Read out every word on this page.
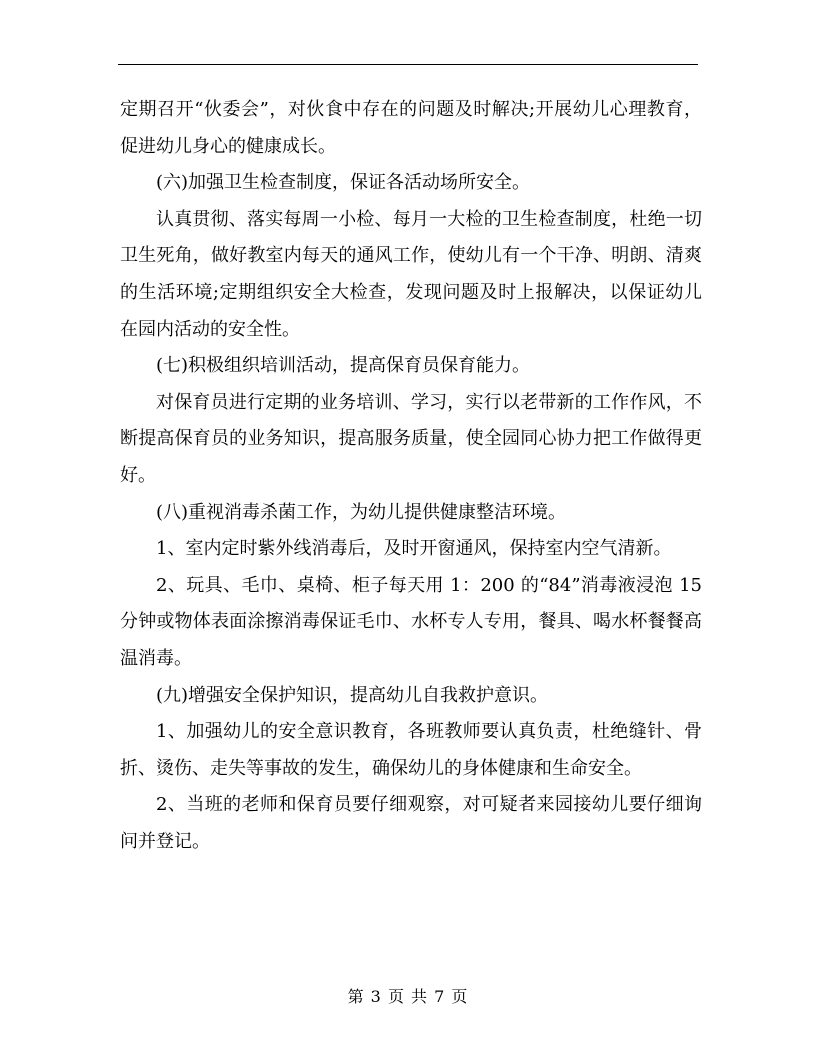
定期召开“伙委会”，对伙食中存在的问题及时解决;开展幼儿心理教育，促进幼儿身心的健康成长。

(六)加强卫生检查制度，保证各活动场所安全。

认真贯彻、落实每周一小检、每月一大检的卫生检查制度，杜绝一切卫生死角，做好教室内每天的通风工作，使幼儿有一个干净、明朗、清爽的生活环境;定期组织安全大检查，发现问题及时上报解决，以保证幼儿在园内活动的安全性。

(七)积极组织培训活动，提高保育员保育能力。

对保育员进行定期的业务培训、学习，实行以老带新的工作作风，不断提高保育员的业务知识，提高服务质量，使全园同心协力把工作做得更好。

(八)重视消毒杀菌工作，为幼儿提供健康整洁环境。

1、室内定时紫外线消毒后，及时开窗通风，保持室内空气清新。

2、玩具、毛巾、桌椅、柜子每天用 1：200 的“84”消毒液浸泡 15分钟或物体表面涂擦消毒保证毛巾、水杯专人专用，餐具、喝水杯餐餐高温消毒。

(九)增强安全保护知识，提高幼儿自我救护意识。

1、加强幼儿的安全意识教育，各班教师要认真负责，杜绝缝针、骨折、烫伤、走失等事故的发生，确保幼儿的身体健康和生命安全。

2、当班的老师和保育员要仔细观察，对可疑者来园接幼儿要仔细询问并登记。

第 3 页 共 7 页
